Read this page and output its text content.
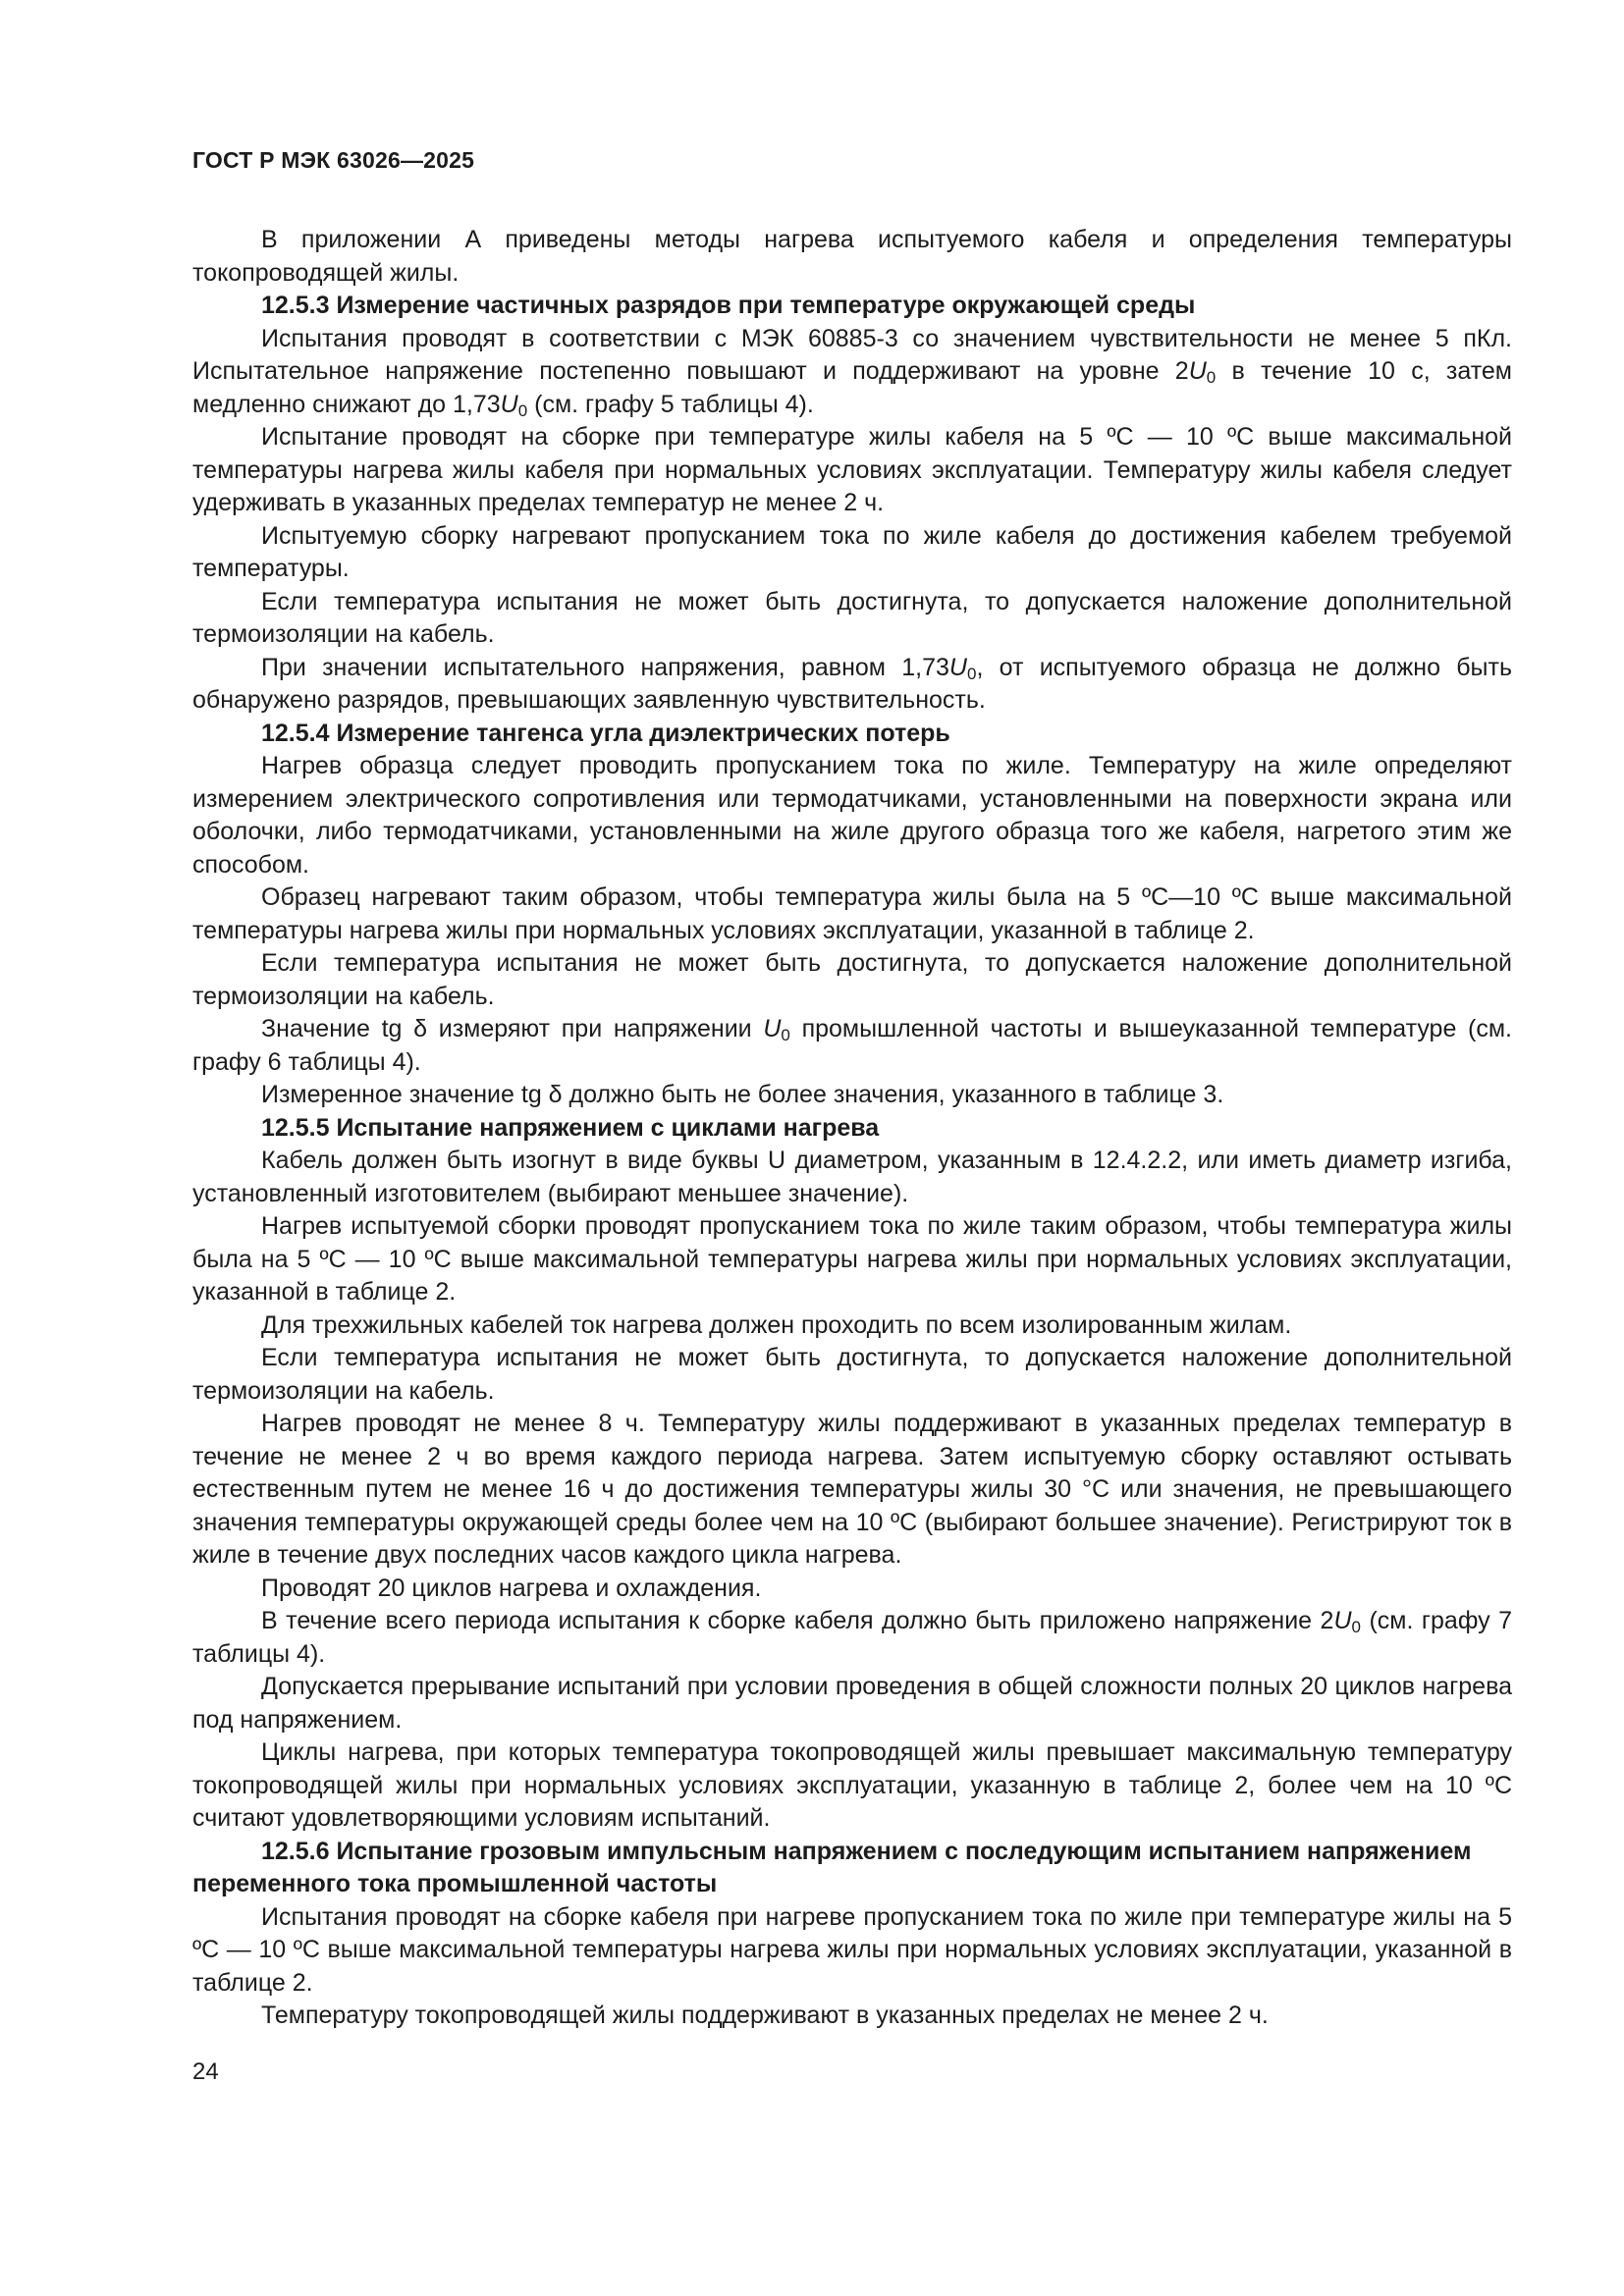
ГОСТ Р МЭК 63026—2025

В приложении А приведены методы нагрева испытуемого кабеля и определения температуры токопроводящей жилы.

12.5.3 Измерение частичных разрядов при температуре окружающей среды

Испытания проводят в соответствии с МЭК 60885-3 со значением чувствительности не менее 5 пКл. Испытательное напряжение постепенно повышают и поддерживают на уровне $2U_0$ в течение 10 с, затем медленно снижают до $1,73U_0$ (см. графу 5 таблицы 4).

Испытание проводят на сборке при температуре жилы кабеля на 5 ºC — 10 ºC выше максимальной температуры нагрева жилы кабеля при нормальных условиях эксплуатации. Температуру жилы кабеля следует удерживать в указанных пределах температур не менее 2 ч.

Испытуемую сборку нагревают пропусканием тока по жиле кабеля до достижения кабелем требуемой температуры.

Если температура испытания не может быть достигнута, то допускается наложение дополнительной термоизоляции на кабель.

При значении испытательного напряжения, равном $1,73U_0$, от испытуемого образца не должно быть обнаружено разрядов, превышающих заявленную чувствительность.

12.5.4 Измерение тангенса угла диэлектрических потерь

Нагрев образца следует проводить пропусканием тока по жиле. Температуру на жиле определяют измерением электрического сопротивления или термодатчиками, установленными на поверхности экрана или оболочки, либо термодатчиками, установленными на жиле другого образца того же кабеля, нагретого этим же способом.

Образец нагревают таким образом, чтобы температура жилы была на 5 ºC—10 ºC выше максимальной температуры нагрева жилы при нормальных условиях эксплуатации, указанной в таблице 2.

Если температура испытания не может быть достигнута, то допускается наложение дополнительной термоизоляции на кабель.

Значение tg δ измеряют при напряжении $U_0$ промышленной частоты и вышеуказанной температуре (см. графу 6 таблицы 4).

Измеренное значение tg δ должно быть не более значения, указанного в таблице 3.

12.5.5 Испытание напряжением с циклами нагрева

Кабель должен быть изогнут в виде буквы U диаметром, указанным в 12.4.2.2, или иметь диаметр изгиба, установленный изготовителем (выбирают меньшее значение).

Нагрев испытуемой сборки проводят пропусканием тока по жиле таким образом, чтобы температура жилы была на 5 ºC — 10 ºC выше максимальной температуры нагрева жилы при нормальных условиях эксплуатации, указанной в таблице 2.

Для трехжильных кабелей ток нагрева должен проходить по всем изолированным жилам.

Если температура испытания не может быть достигнута, то допускается наложение дополнительной термоизоляции на кабель.

Нагрев проводят не менее 8 ч. Температуру жилы поддерживают в указанных пределах температур в течение не менее 2 ч во время каждого периода нагрева. Затем испытуемую сборку оставляют остывать естественным путем не менее 16 ч до достижения температуры жилы 30 °C или значения, не превышающего значения температуры окружающей среды более чем на 10 ºC (выбирают большее значение). Регистрируют ток в жиле в течение двух последних часов каждого цикла нагрева.

Проводят 20 циклов нагрева и охлаждения.

В течение всего периода испытания к сборке кабеля должно быть приложено напряжение $2U_0$ (см. графу 7 таблицы 4).

Допускается прерывание испытаний при условии проведения в общей сложности полных 20 циклов нагрева под напряжением.

Циклы нагрева, при которых температура токопроводящей жилы превышает максимальную температуру токопроводящей жилы при нормальных условиях эксплуатации, указанную в таблице 2, более чем на 10 ºC считают удовлетворяющими условиям испытаний.

12.5.6 Испытание грозовым импульсным напряжением с последующим испытанием напряжением переменного тока промышленной частоты

Испытания проводят на сборке кабеля при нагреве пропусканием тока по жиле при температуре жилы на 5 ºC — 10 ºC выше максимальной температуры нагрева жилы при нормальных условиях эксплуатации, указанной в таблице 2.

Температуру токопроводящей жилы поддерживают в указанных пределах не менее 2 ч.

24
